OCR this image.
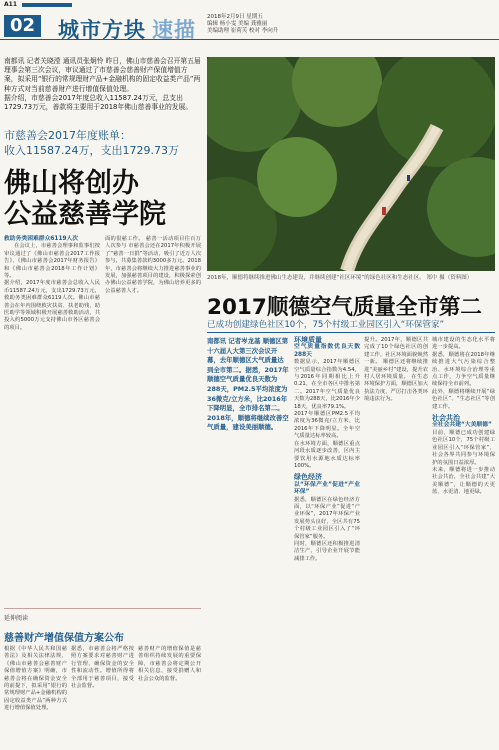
A11
02 城市方块 速描
2018年2月9日 星期五
编辑 杨小雯 美编 龚雅丽
美编助理 崔荷芙 校对 李向升
南都讯 记者关晓滢 通讯员张炯怜 昨日，佛山市慈善会召开第五届理事会第三次会议，审议通过了市慈善会慈善财产保值增值方案，拟采用“银行的常规理财产品+金融机构的固定收益类产品”两种方式对当前慈善财产进行增值保值处理。
据介绍，市慈善会2017年度总收入11587.24万元，总支出1729.73万元，善款将主要用于2018年佛山慈善事业的发展。
市慈善会2017年度账单：
收入11587.24万，支出1729.73万
佛山将创办
公益慈善学院
救助务类困难群众6119人次
在会议上，市慈善会理事和监事们按审议通过了《佛山市慈善会2017工作报告》、《佛山市慈善会2017年财务报告》和《佛山市慈善会2018年工作计划》等。
据介绍，2017年度市慈善会总收入人民币11587.24万元，支出1729.73万元，救助务类困难群众6119人次。佛山市慈善会在年内围绕救灾扶贫、扶老助残、助医助学等领域积极开展慈善救助活动，共投入约5000万元支持佛山市各区慈善会的项目。
面的很慈工作。 慈善一活动项目往百万人次参与 市慈善会还在2017年积极开展了“慈善一日捐”等活动，吸引了近万人次参与，共募集善款约3000多万元。2018年，市慈善会将继续大力推进慈善事业的发展，加强慈善项目的建设，积极探索创办佛山公益慈善学院，为佛山培养更多的公益慈善人才。
2018年，顺德将继续推进佛山生态建设，并继续创建“社区环境”的绿色社区和生态社区。 郑中 摄（资料图）
2017顺德空气质量全市第二
已成功创建绿色社区10个，75个村级工业园区引入“环保管家”
南都讯 记者岑龙基 顺德区第十六届人大第三次会议开幕，去年顺德区大气质量达到全市第二。据悉，2017年顺德空气质量优良天数为288天，PM2.5平均浓度为36微克/立方米，比2016年下降明显，全市排名第二。2018年，顺德将继续改善空气质量，建设美丽顺德。
环境质量
空气质量指数优良天数288天
数据显示，2017年顺德区空气质量综合指数为4.54，与2016年同期相比上升0.21，在全市各区中排名第二。2017年空气质量优良天数为288天，比2016年少18天，优良率79.1%。
2017年顺德区PM2.5平均浓度为36微克/立方米，比2016年下降明显。全年空气质量达标率较高。
在水环境方面，顺德区重点河段水质逐步改善，区内主要饮用水源地水质达标率100%。
绿色经济
以“环保产业”促进“产业环保”
据悉，顺德区在绿色经济方面，以“环保产业”促进“产业环保”，2017年环保产业发展势头良好，全区共有75个村级工业园区引入了“环保管家”服务。
同时，顺德区还积极推进清洁生产，引导企业开展节能减排工作。
提升。2017年，顺德区共完成了10个绿色社区的创建工作，社区环境面貌焕然一新。 顺德区还将继续推进“美丽乡村”建设，提升农村人居环境质量。 在生态环境保护方面，顺德区加大执法力度，严厉打击各类环境违法行为。
城市建设的生态化水平将进一步提高。
据悉，顺德将在2018年继续推进大气污染综合整治、水环境综合治理等重点工作，力争空气质量继续保持全市前列。
此外，顺德将继续开展“绿色社区”、“生态社区”等创建工作。
社会共治
全社会共建“大美顺德”
目前，顺德已成功创建绿色社区10个，75个村级工业园区引入“环保管家”，社会各界共同参与环境保护的氛围日益浓厚。
未来，顺德将进一步推动社会共治，全社会共建“大美顺德”，让顺德的天更蓝、水更清、地更绿。
延伸阅读
慈善财产增值保值方案公布
根据《中华人民共和国慈善法》及相关法律法规，《佛山市慈善会慈善财产保值增值方案》明确，市慈善会将在确保资金安全的前提下，拟采用“银行的常规理财产品+金融机构的固定收益类产品”两种方式进行增值保值处理。
据悉，市慈善会将严格按照方案要求对慈善财产进行管理，确保资金的安全性和流动性。增值所得将全部用于慈善项目，接受社会监督。
慈善财产的增值保值是慈善组织持续发展的重要保障，市慈善会将定期公开相关信息，接受捐赠人和社会公众的监督。
